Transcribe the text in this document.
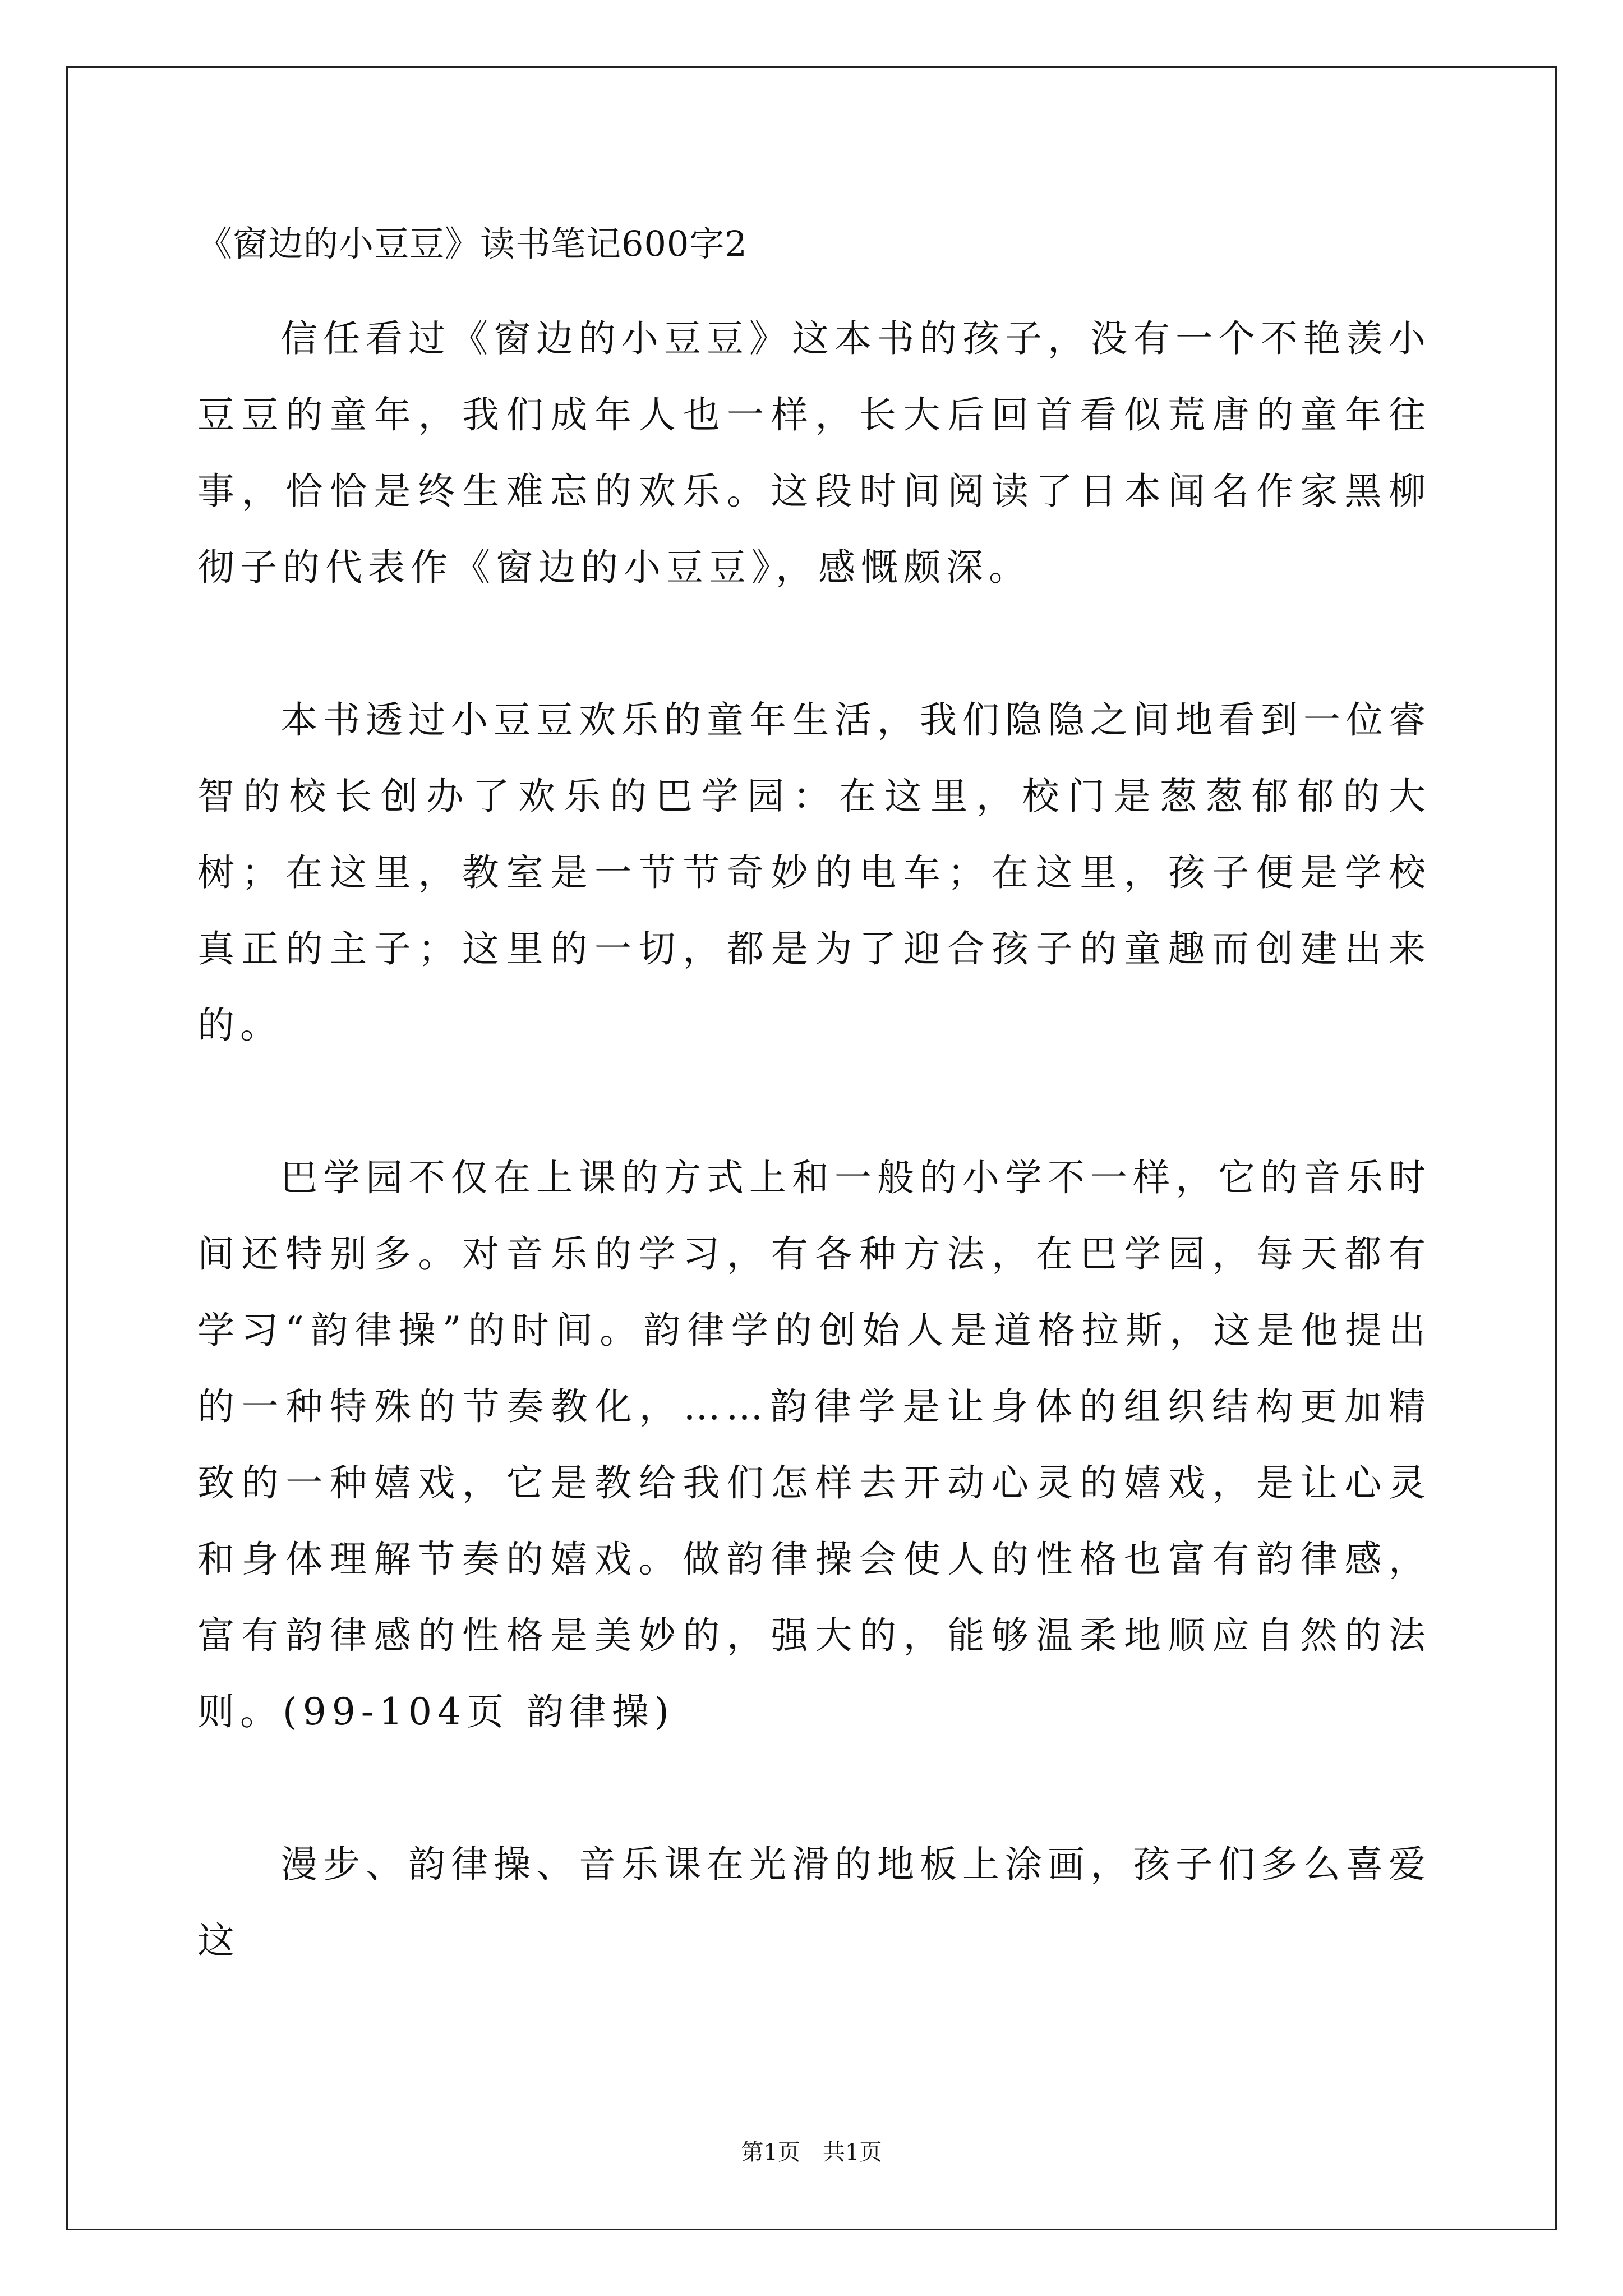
《窗边的小豆豆》读书笔记600字2

信任看过《窗边的小豆豆》这本书的孩子，没有一个不艳羡小豆豆的童年，我们成年人也一样，长大后回首看似荒唐的童年往事，恰恰是终生难忘的欢乐。这段时间阅读了日本闻名作家黑柳彻子的代表作《窗边的小豆豆》，感慨颇深。

本书透过小豆豆欢乐的童年生活，我们隐隐之间地看到一位睿智的校长创办了欢乐的巴学园：在这里，校门是葱葱郁郁的大树；在这里，教室是一节节奇妙的电车；在这里，孩子便是学校真正的主子；这里的一切，都是为了迎合孩子的童趣而创建出来的。

巴学园不仅在上课的方式上和一般的小学不一样，它的音乐时间还特别多。对音乐的学习，有各种方法，在巴学园，每天都有学习“韵律操”的时间。韵律学的创始人是道格拉斯，这是他提出的一种特殊的节奏教化，……韵律学是让身体的组织结构更加精致的一种嬉戏，它是教给我们怎样去开动心灵的嬉戏，是让心灵和身体理解节奏的嬉戏。做韵律操会使人的性格也富有韵律感，富有韵律感的性格是美妙的，强大的，能够温柔地顺应自然的法则。(99-104页 韵律操)

漫步、韵律操、音乐课在光滑的地板上涂画，孩子们多么喜爱这

第1页 共1页
